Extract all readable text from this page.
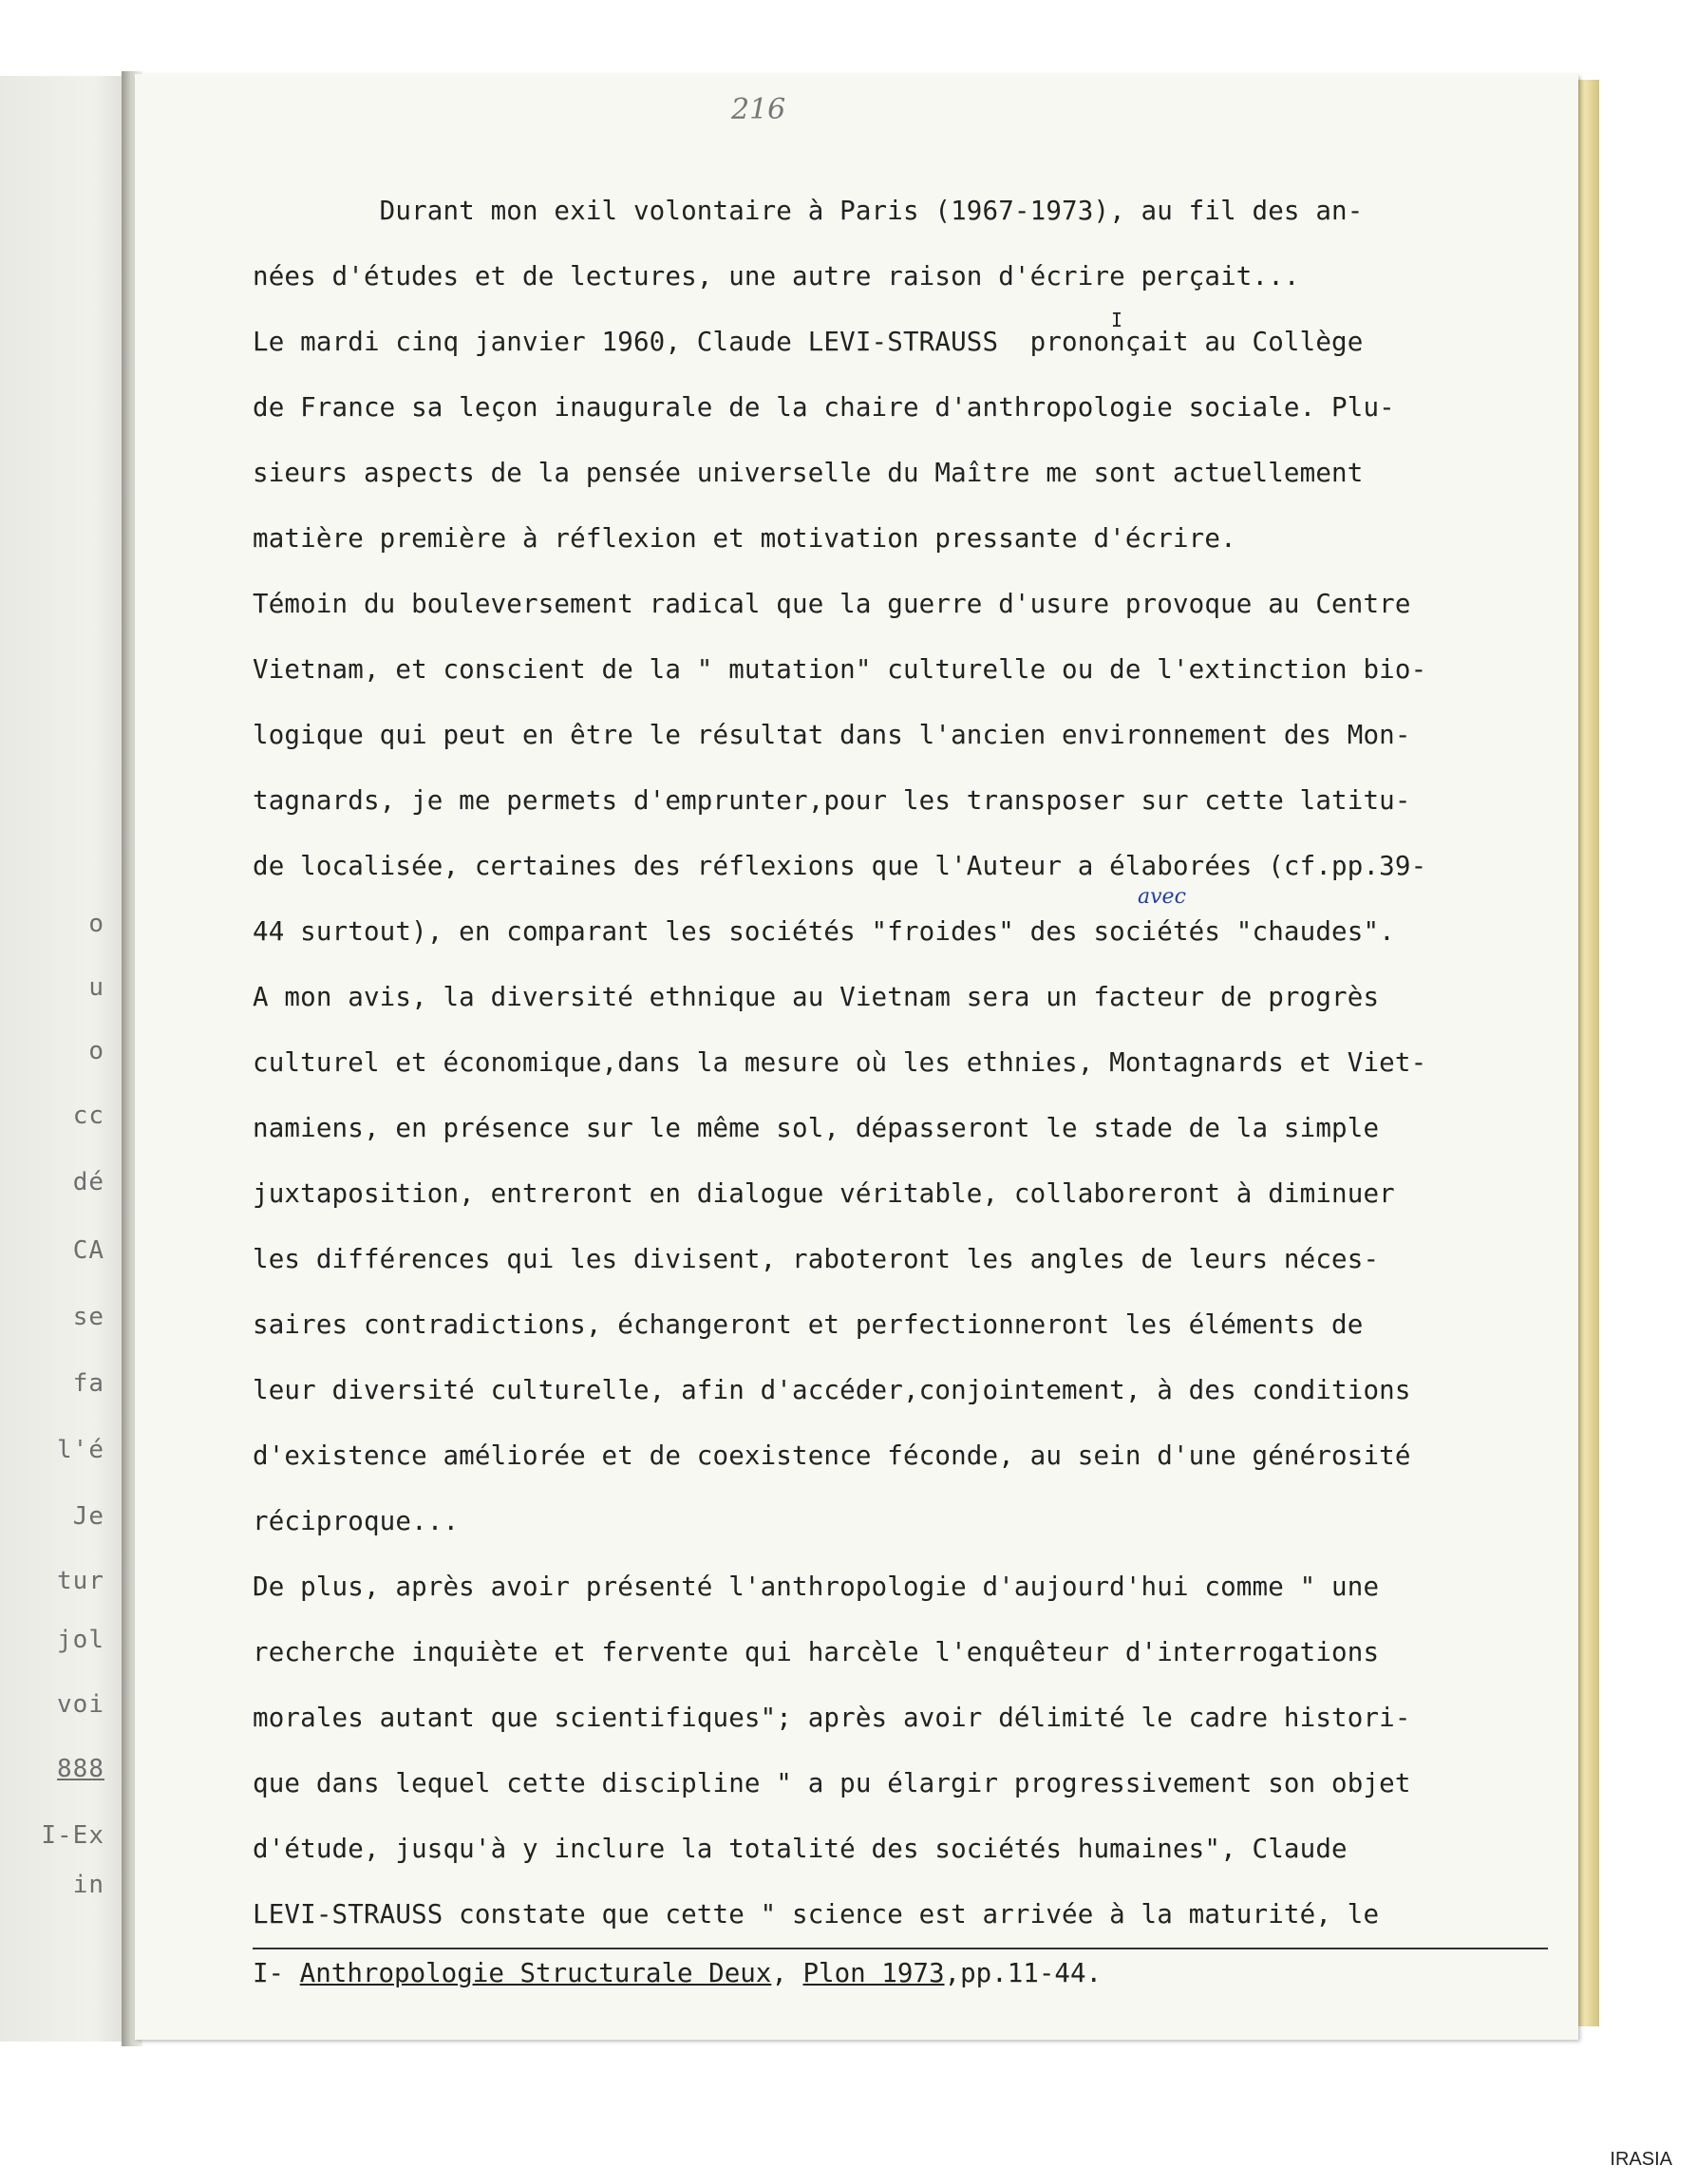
o
u
o
cc
dé
CA
se
fa
l'é
Je
tur
jol
voi
888
I-Ex
in
216
Durant mon exil volontaire à Paris (1967-1973), au fil des an-
nées d'études et de lectures, une autre raison d'écrire perçait...
Le mardi cinq janvier 1960, Claude LEVI-STRAUSS  prononçait au Collège
I
de France sa leçon inaugurale de la chaire d'anthropologie sociale. Plu-
sieurs aspects de la pensée universelle du Maître me sont actuellement
matière première à réflexion et motivation pressante d'écrire.
Témoin du bouleversement radical que la guerre d'usure provoque au Centre
Vietnam, et conscient de la " mutation" culturelle ou de l'extinction bio-
logique qui peut en être le résultat dans l'ancien environnement des Mon-
tagnards, je me permets d'emprunter,pour les transposer sur cette latitu-
de localisée, certaines des réflexions que l'Auteur a élaborées (cf.pp.39-
avec
44 surtout), en comparant les sociétés "froides" des sociétés "chaudes".
A mon avis, la diversité ethnique au Vietnam sera un facteur de progrès
culturel et économique,dans la mesure où les ethnies, Montagnards et Viet-
namiens, en présence sur le même sol, dépasseront le stade de la simple
juxtaposition, entreront en dialogue véritable, collaboreront à diminuer
les différences qui les divisent, raboteront les angles de leurs néces-
saires contradictions, échangeront et perfectionneront les éléments de
leur diversité culturelle, afin d'accéder,conjointement, à des conditions
d'existence améliorée et de coexistence féconde, au sein d'une générosité
réciproque...
De plus, après avoir présenté l'anthropologie d'aujourd'hui comme " une
recherche inquiète et fervente qui harcèle l'enquêteur d'interrogations
morales autant que scientifiques"; après avoir délimité le cadre histori-
que dans lequel cette discipline " a pu élargir progressivement son objet
d'étude, jusqu'à y inclure la totalité des sociétés humaines", Claude
LEVI-STRAUSS constate que cette " science est arrivée à la maturité, le
I- Anthropologie Structurale Deux, Plon 1973,pp.11-44.
IRASIA
